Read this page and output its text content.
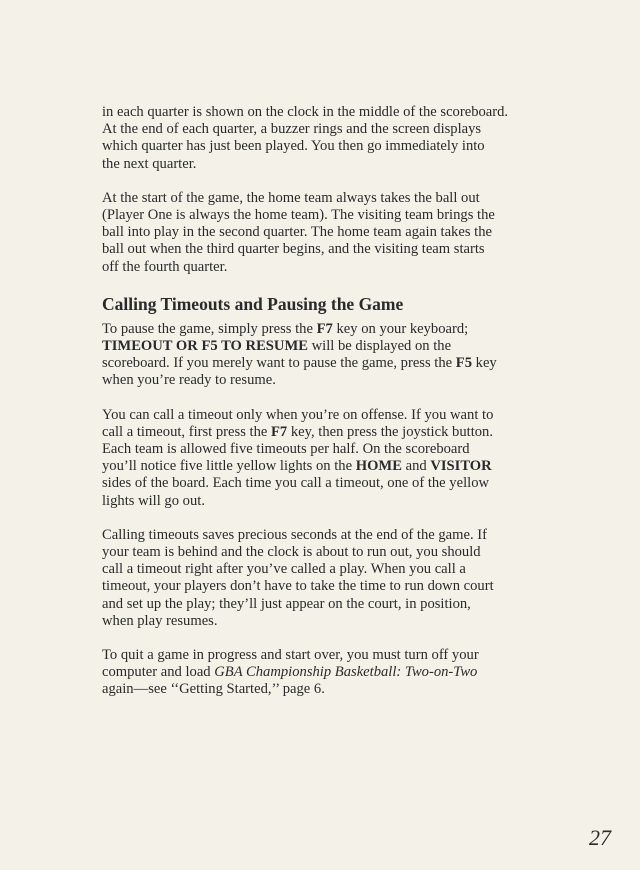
in each quarter is shown on the clock in the middle of the scoreboard.
At the end of each quarter, a buzzer rings and the screen displays
which quarter has just been played. You then go immediately into
the next quarter.

At the start of the game, the home team always takes the ball out
(Player One is always the home team). The visiting team brings the
ball into play in the second quarter. The home team again takes the
ball out when the third quarter begins, and the visiting team starts
off the fourth quarter.

Calling Timeouts and Pausing the Game

To pause the game, simply press the F7 key on your keyboard;
TIMEOUT OR F5 TO RESUME will be displayed on the
scoreboard. If you merely want to pause the game, press the F5 key
when you’re ready to resume.

You can call a timeout only when you’re on offense. If you want to
call a timeout, first press the F7 key, then press the joystick button.
Each team is allowed five timeouts per half. On the scoreboard
you’ll notice five little yellow lights on the HOME and VISITOR
sides of the board. Each time you call a timeout, one of the yellow
lights will go out.

Calling timeouts saves precious seconds at the end of the game. If
your team is behind and the clock is about to run out, you should
call a timeout right after you’ve called a play. When you call a
timeout, your players don’t have to take the time to run down court
and set up the play; they’ll just appear on the court, in position,
when play resumes.

To quit a game in progress and start over, you must turn off your
computer and load GBA Championship Basketball: Two-on-Two
again—see ‘‘Getting Started,’’ page 6.

27
